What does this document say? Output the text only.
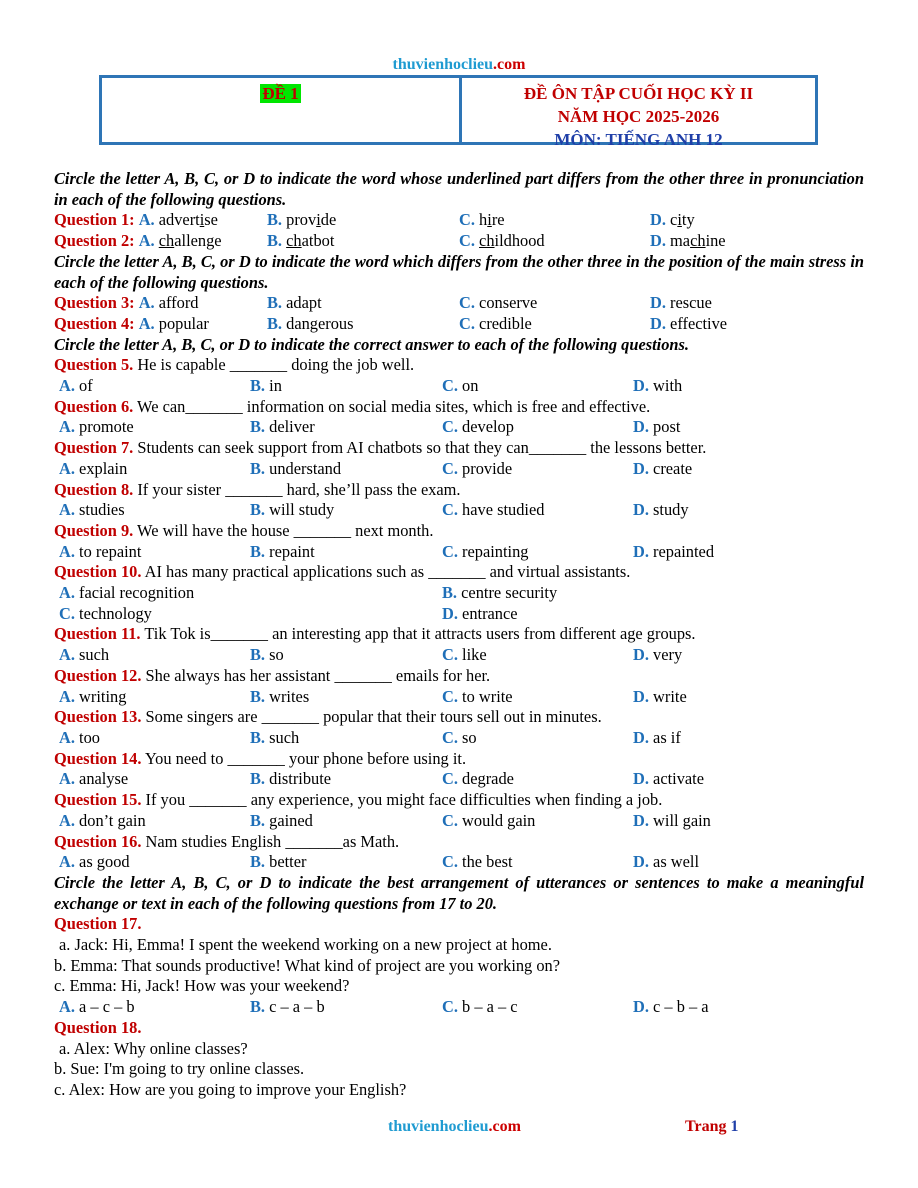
thuvienhoclieu.com
ĐỀ 1	ĐỀ ÔN TẬP CUỐI HỌC KỲ II
NĂM HỌC 2025-2026
MÔN: TIẾNG ANH 12
Circle the letter A, B, C, or D to indicate the word whose underlined part differs from the other three in pronunciation in each of the following questions.
Question 1: A. advertise	B. provide	C. hire	D. city
Question 2: A. challenge	B. chatbot	C. childhood	D. machine
Circle the letter A, B, C, or D to indicate the word which differs from the other three in the position of the main stress in each of the following questions.
Question 3: A. afford	B. adapt	C. conserve	D. rescue
Question 4: A. popular	B. dangerous	C. credible	D. effective
Circle the letter A, B, C, or D to indicate the correct answer to each of the following questions.
Question 5. He is capable _______ doing the job well.
A. of	B. in	C. on	D. with
Question 6. We can_______ information on social media sites, which is free and effective.
A. promote	B. deliver	C. develop	D. post
Question 7. Students can seek support from AI chatbots so that they can_______ the lessons better.
A. explain	B. understand	C. provide	D. create
Question 8. If your sister _______ hard, she’ll pass the exam.
A. studies	B. will study	C. have studied	D. study
Question 9. We will have the house _______ next month.
A. to repaint	B. repaint	C. repainting	D. repainted
Question 10. AI has many practical applications such as _______ and virtual assistants.
A. facial recognition	B. centre security
C. technology	D. entrance
Question 11. Tik Tok is_______ an interesting app that it attracts users from different age groups.
A. such	B. so	C. like	D. very
Question 12. She always has her assistant _______ emails for her.
A. writing	B. writes	C. to write	D. write
Question 13. Some singers are _______ popular that their tours sell out in minutes.
A. too	B. such	C. so	D. as if
Question 14. You need to _______ your phone before using it.
A. analyse	B. distribute	C. degrade	D. activate
Question 15. If you _______ any experience, you might face difficulties when finding a job.
A. don’t gain	B. gained	C. would gain	D. will gain
Question 16. Nam studies English _______as Math.
A. as good	B. better	C. the best	D. as well
Circle the letter A, B, C, or D to indicate the best arrangement of utterances or sentences to make a meaningful exchange or text in each of the following questions from 17 to 20.
Question 17.
a. Jack: Hi, Emma! I spent the weekend working on a new project at home.
b. Emma: That sounds productive! What kind of project are you working on?
c. Emma: Hi, Jack! How was your weekend?
A. a – c – b	B. c – a – b	C. b – a – c	D. c – b – a
Question 18.
a. Alex: Why online classes?
b. Sue: I'm going to try online classes.
c. Alex: How are you going to improve your English?
thuvienhoclieu.com	Trang 1
